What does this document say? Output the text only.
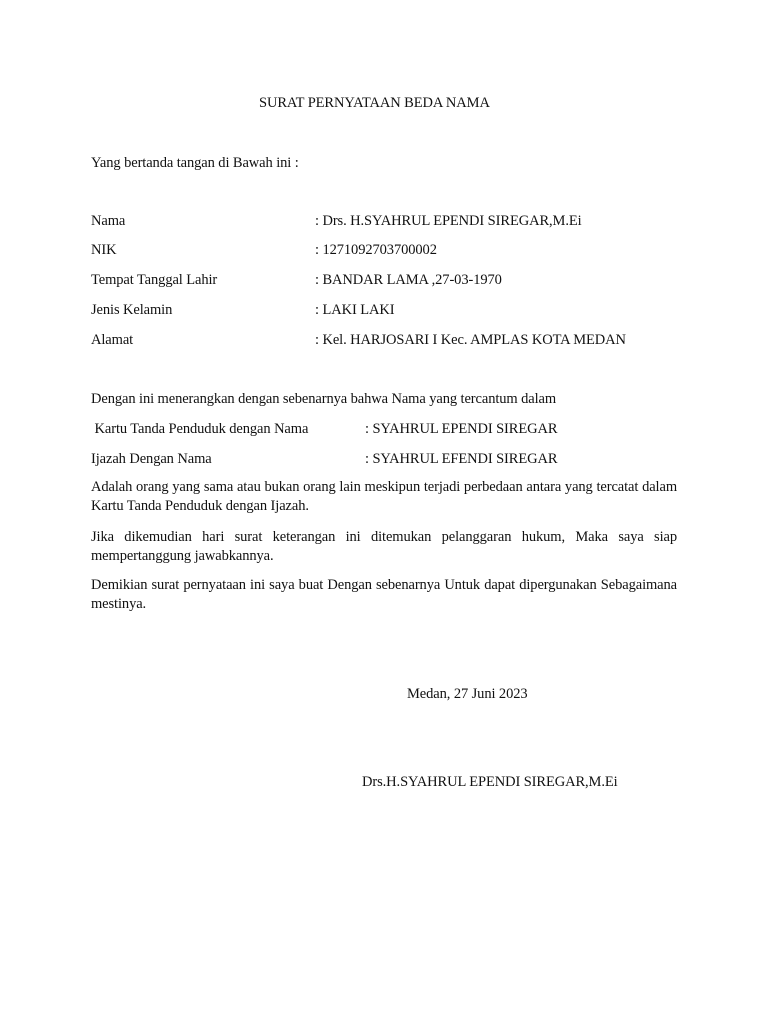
SURAT PERNYATAAN BEDA NAMA
Yang bertanda tangan di Bawah ini :
Nama	: Drs. H.SYAHRUL EPENDI SIREGAR,M.Ei
NIK	: 1271092703700002
Tempat Tanggal Lahir	: BANDAR LAMA ,27-03-1970
Jenis Kelamin	: LAKI LAKI
Alamat	: Kel. HARJOSARI I Kec. AMPLAS KOTA MEDAN
Dengan ini menerangkan dengan sebenarnya bahwa Nama yang tercantum dalam
Kartu Tanda Penduduk dengan Nama	: SYAHRUL EPENDI SIREGAR
Ijazah Dengan Nama	: SYAHRUL EFENDI SIREGAR
Adalah orang yang sama atau bukan orang lain meskipun terjadi perbedaan antara yang tercatat dalam Kartu Tanda Penduduk dengan Ijazah.
Jika dikemudian hari surat keterangan ini ditemukan pelanggaran hukum, Maka saya siap mempertanggung jawabkannya.
Demikian surat pernyataan ini saya buat Dengan sebenarnya Untuk dapat dipergunakan Sebagaimana mestinya.
Medan, 27 Juni 2023
Drs.H.SYAHRUL EPENDI SIREGAR,M.Ei
